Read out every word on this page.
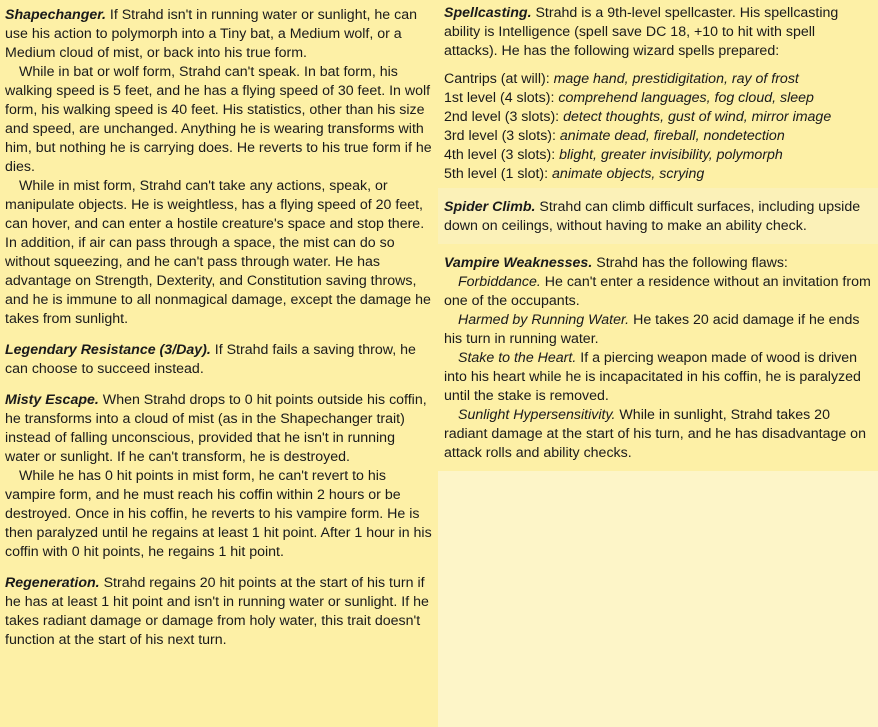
Shapechanger. If Strahd isn't in running water or sunlight, he can use his action to polymorph into a Tiny bat, a Medium wolf, or a Medium cloud of mist, or back into his true form.

While in bat or wolf form, Strahd can't speak. In bat form, his walking speed is 5 feet, and he has a flying speed of 30 feet. In wolf form, his walking speed is 40 feet. His statistics, other than his size and speed, are unchanged. Anything he is wearing transforms with him, but nothing he is carrying does. He reverts to his true form if he dies.

While in mist form, Strahd can't take any actions, speak, or manipulate objects. He is weightless, has a flying speed of 20 feet, can hover, and can enter a hostile creature's space and stop there. In addition, if air can pass through a space, the mist can do so without squeezing, and he can't pass through water. He has advantage on Strength, Dexterity, and Constitution saving throws, and he is immune to all nonmagical damage, except the damage he takes from sunlight.

Legendary Resistance (3/Day). If Strahd fails a saving throw, he can choose to succeed instead.

Misty Escape. When Strahd drops to 0 hit points outside his coffin, he transforms into a cloud of mist (as in the Shapechanger trait) instead of falling unconscious, provided that he isn't in running water or sunlight. If he can't transform, he is destroyed.

While he has 0 hit points in mist form, he can't revert to his vampire form, and he must reach his coffin within 2 hours or be destroyed. Once in his coffin, he reverts to his vampire form. He is then paralyzed until he regains at least 1 hit point. After 1 hour in his coffin with 0 hit points, he regains 1 hit point.

Regeneration. Strahd regains 20 hit points at the start of his turn if he has at least 1 hit point and isn't in running water or sunlight. If he takes radiant damage or damage from holy water, this trait doesn't function at the start of his next turn.

Spellcasting. Strahd is a 9th-level spellcaster. His spellcasting ability is Intelligence (spell save DC 18, +10 to hit with spell attacks). He has the following wizard spells prepared:

Cantrips (at will): mage hand, prestidigitation, ray of frost

1st level (4 slots): comprehend languages, fog cloud, sleep

2nd level (3 slots): detect thoughts, gust of wind, mirror image

3rd level (3 slots): animate dead, fireball, nondetection

4th level (3 slots): blight, greater invisibility, polymorph

5th level (1 slot): animate objects, scrying

Spider Climb. Strahd can climb difficult surfaces, including upside down on ceilings, without having to make an ability check.

Vampire Weaknesses. Strahd has the following flaws:

Forbiddance. He can't enter a residence without an invitation from one of the occupants.

Harmed by Running Water. He takes 20 acid damage if he ends his turn in running water.

Stake to the Heart. If a piercing weapon made of wood is driven into his heart while he is incapacitated in his coffin, he is paralyzed until the stake is removed.

Sunlight Hypersensitivity. While in sunlight, Strahd takes 20 radiant damage at the start of his turn, and he has disadvantage on attack rolls and ability checks.
